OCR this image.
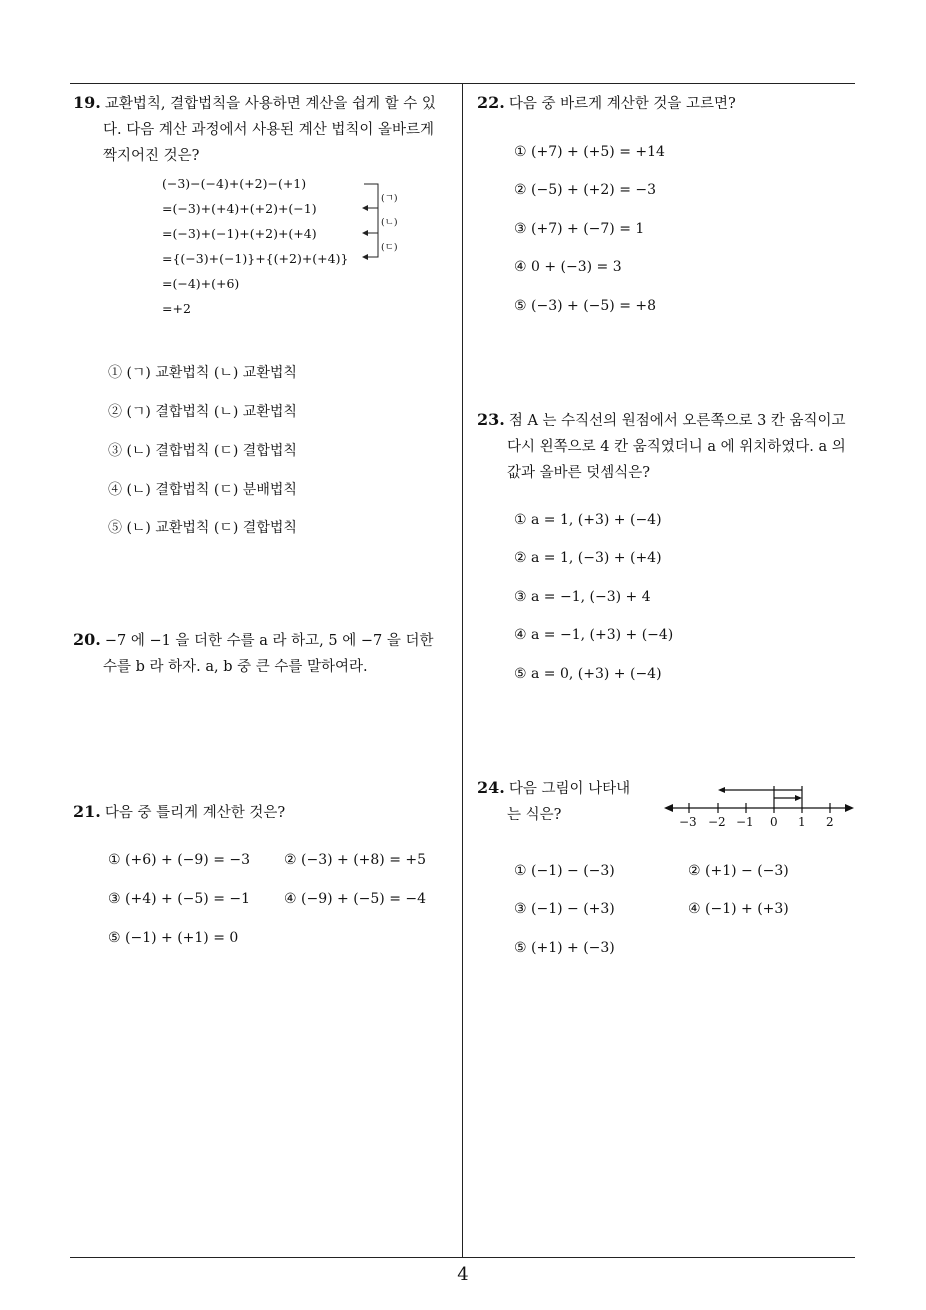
19. 교환법칙, 결합법칙을 사용하면 계산을 쉽게 할 수 있
다. 다음 계산 과정에서 사용된 계산 법칙이 올바르게
짝지어진 것은?
(−3)−(−4)+(+2)−(+1)
=(−3)+(+4)+(+2)+(−1)
=(−3)+(−1)+(+2)+(+4)
={(−3)+(−1)}+{(+2)+(+4)}
=(−4)+(+6)
=+2
(ㄱ)
(ㄴ)
(ㄷ)
① (ㄱ) 교환법칙 (ㄴ) 교환법칙
② (ㄱ) 결합법칙 (ㄴ) 교환법칙
③ (ㄴ) 결합법칙 (ㄷ) 결합법칙
④ (ㄴ) 결합법칙 (ㄷ) 분배법칙
⑤ (ㄴ) 교환법칙 (ㄷ) 결합법칙
20. −7 에 −1 을 더한 수를 a 라 하고, 5 에 −7 을 더한
수를 b 라 하자. a, b 중 큰 수를 말하여라.
21. 다음 중 틀리게 계산한 것은?
① (+6) + (−9) = −3 ② (−3) + (+8) = +5
③ (+4) + (−5) = −1 ④ (−9) + (−5) = −4
⑤ (−1) + (+1) = 0
22. 다음 중 바르게 계산한 것을 고르면?
① (+7) + (+5) = +14
② (−5) + (+2) = −3
③ (+7) + (−7) = 1
④ 0 + (−3) = 3
⑤ (−3) + (−5) = +8
23. 점 A 는 수직선의 원점에서 오른쪽으로 3 칸 움직이고
다시 왼쪽으로 4 칸 움직였더니 a 에 위치하였다. a 의
값과 올바른 덧셈식은?
① a = 1, (+3) + (−4)
② a = 1, (−3) + (+4)
③ a = −1, (−3) + 4
④ a = −1, (+3) + (−4)
⑤ a = 0, (+3) + (−4)
24. 다음 그림이 나타내
는 식은?	−3 −2 −1 0 1 2
① (−1) − (−3)	② (+1) − (−3)
③ (−1) − (+3)	④ (−1) + (+3)
⑤ (+1) + (−3)
4
